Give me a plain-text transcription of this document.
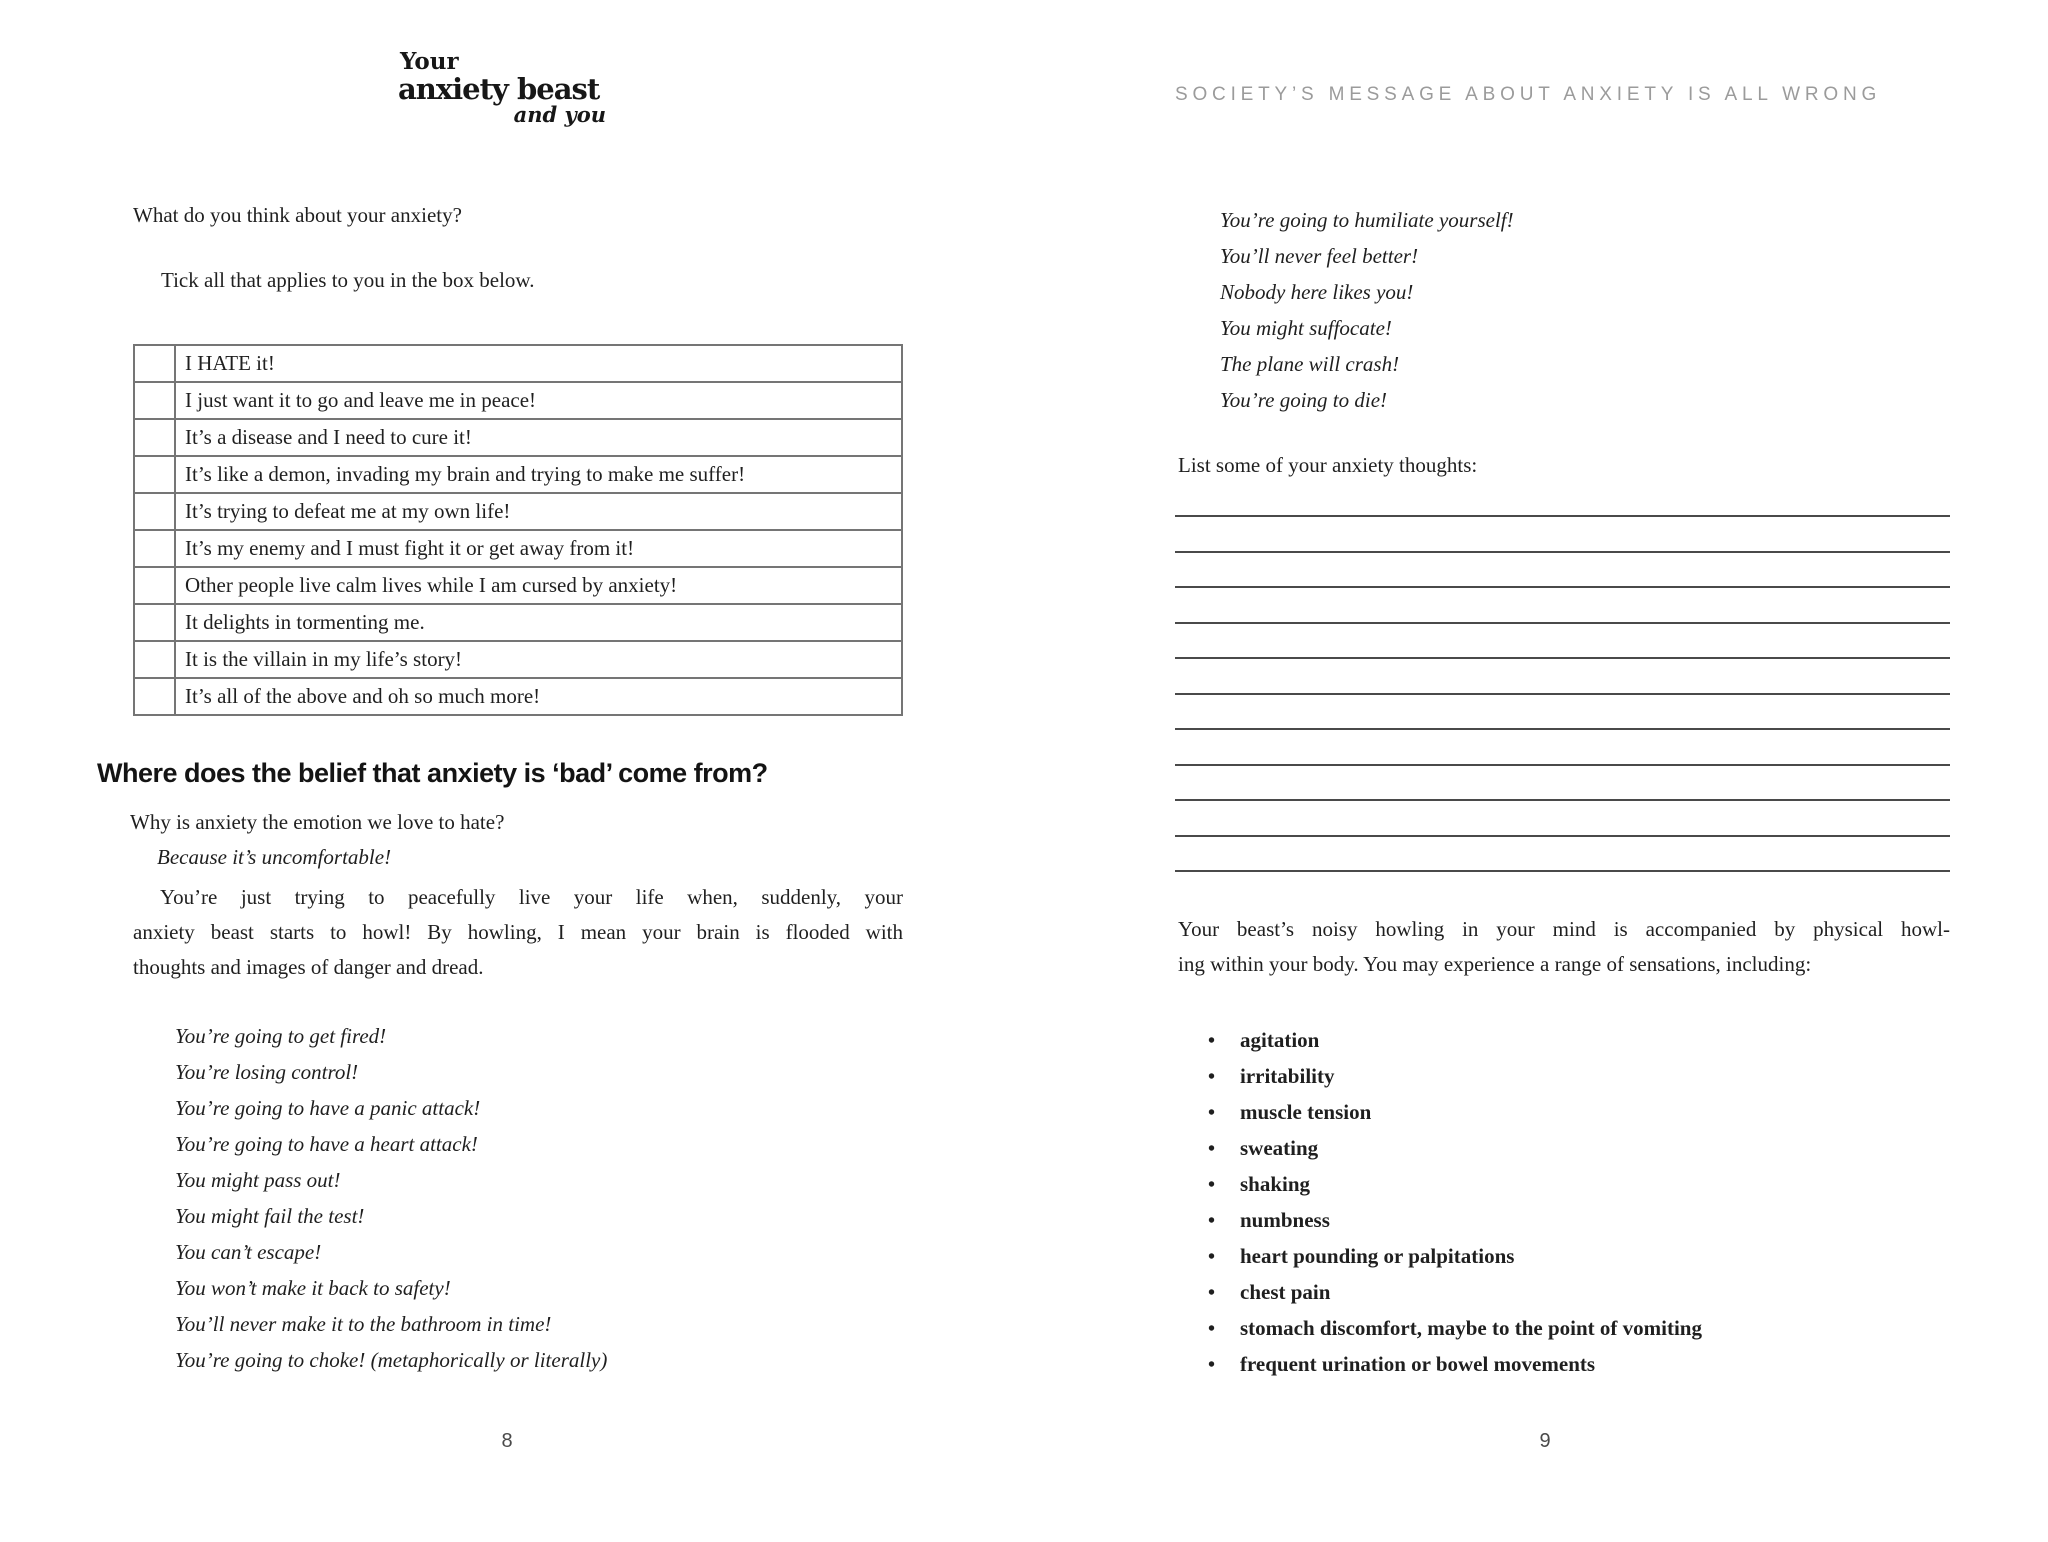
Your
anxiety beast
and you

What do you think about your anxiety?

Tick all that applies to you in the box below.

	I HATE it!
	I just want it to go and leave me in peace!
	It’s a disease and I need to cure it!
	It’s like a demon, invading my brain and trying to make me suffer!
	It’s trying to defeat me at my own life!
	It’s my enemy and I must fight it or get away from it!
	Other people live calm lives while I am cursed by anxiety!
	It delights in tormenting me.
	It is the villain in my life’s story!
	It’s all of the above and oh so much more!
Where does the belief that anxiety is ‘bad’ come from?

Why is anxiety the emotion we love to hate?

Because it’s uncomfortable!

You’re just trying to peacefully live your life when, suddenly, your
anxiety beast starts to howl! By howling, I mean your brain is flooded with
thoughts and images of danger and dread.
You’re going to get fired!
You’re losing control!
You’re going to have a panic attack!
You’re going to have a heart attack!
You might pass out!
You might fail the test!
You can’t escape!
You won’t make it back to safety!
You’ll never make it to the bathroom in time!
You’re going to choke! (metaphorically or literally)
8
SOCIETY’S MESSAGE ABOUT ANXIETY IS ALL WRONG
You’re going to humiliate yourself!
You’ll never feel better!
Nobody here likes you!
You might suffocate!
The plane will crash!
You’re going to die!

List some of your anxiety thoughts:

Your beast’s noisy howling in your mind is accompanied by physical howl-
ing within your body. You may experience a range of sensations, including:
•
agitation
•
irritability
•
muscle tension
•
sweating
•
shaking
•
numbness
•
heart pounding or palpitations
•
chest pain
•
stomach discomfort, maybe to the point of vomiting
•
frequent urination or bowel movements
9
